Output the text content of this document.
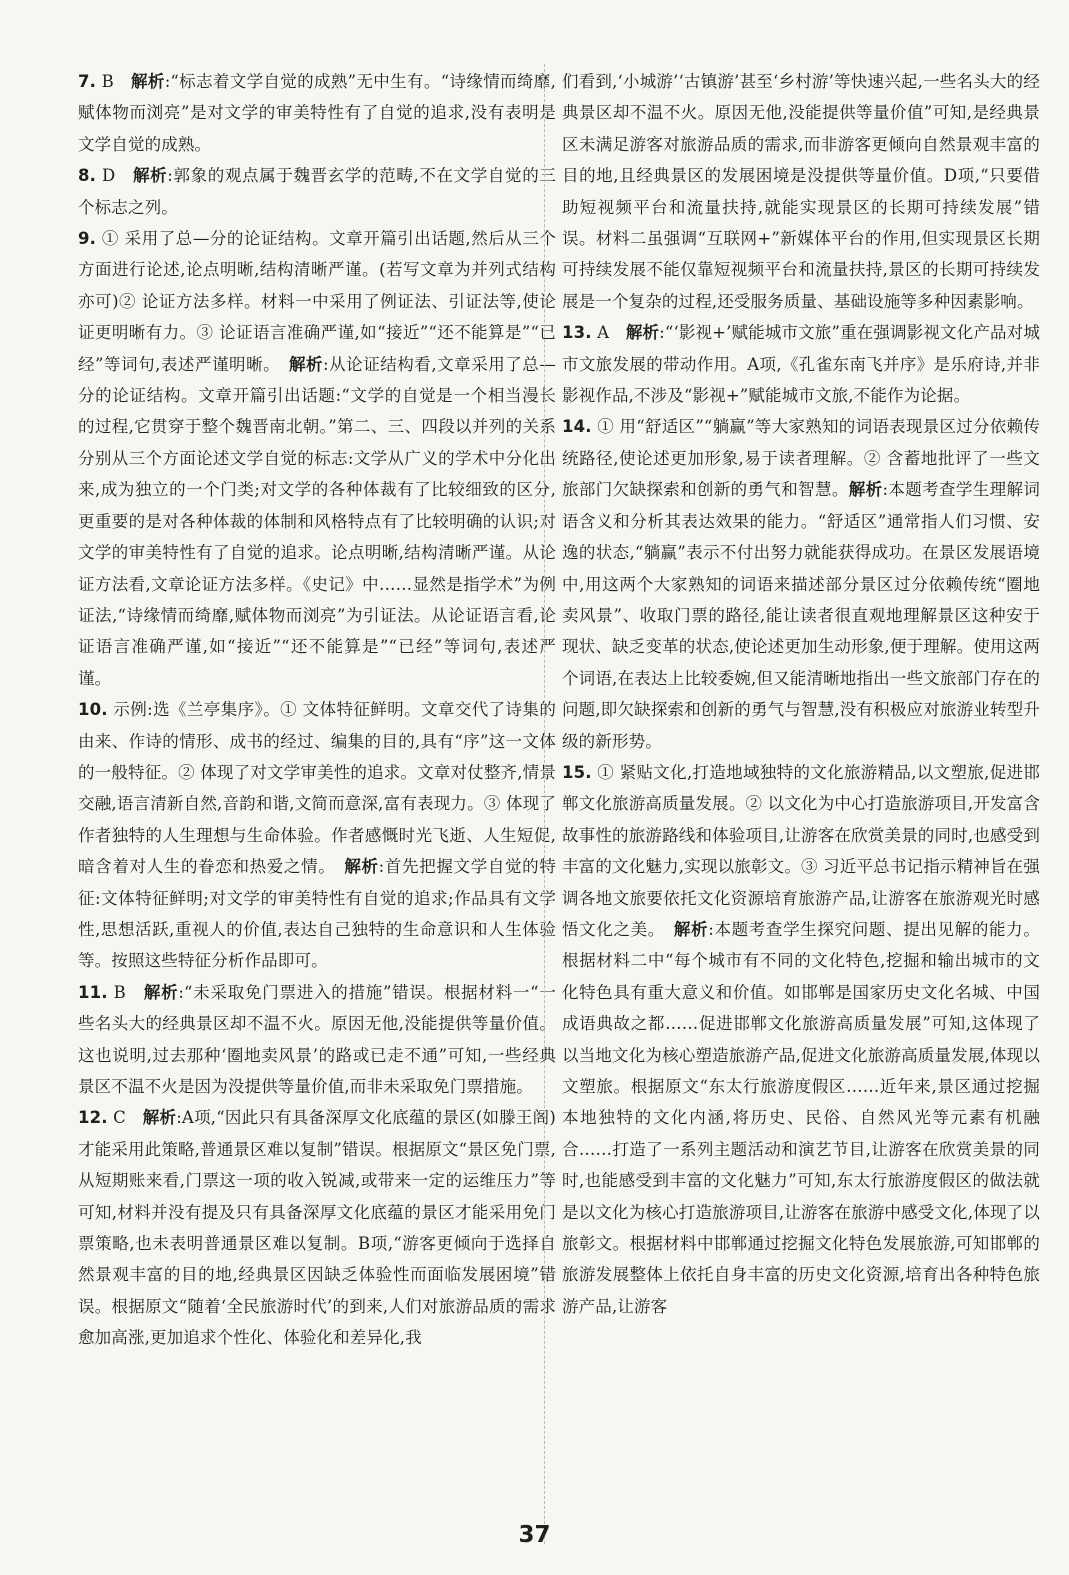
7. B　解析:“标志着文学自觉的成熟”无中生有。“诗缘情而绮靡,赋体物而浏亮”是对文学的审美特性有了自觉的追求,没有表明是文学自觉的成熟。

8. D　解析:郭象的观点属于魏晋玄学的范畴,不在文学自觉的三个标志之列。

9. ① 采用了总—分的论证结构。文章开篇引出话题,然后从三个方面进行论述,论点明晰,结构清晰严谨。(若写文章为并列式结构亦可)② 论证方法多样。材料一中采用了例证法、引证法等,使论证更明晰有力。③ 论证语言准确严谨,如“接近”“还不能算是”“已经”等词句,表述严谨明晰。　解析:从论证结构看,文章采用了总—分的论证结构。文章开篇引出话题:“文学的自觉是一个相当漫长的过程,它贯穿于整个魏晋南北朝。”第二、三、四段以并列的关系分别从三个方面论述文学自觉的标志:文学从广义的学术中分化出来,成为独立的一个门类;对文学的各种体裁有了比较细致的区分,更重要的是对各种体裁的体制和风格特点有了比较明确的认识;对文学的审美特性有了自觉的追求。论点明晰,结构清晰严谨。从论证方法看,文章论证方法多样。《史记》中……显然是指学术”为例证法,“诗缘情而绮靡,赋体物而浏亮”为引证法。从论证语言看,论证语言准确严谨,如“接近”“还不能算是”“已经”等词句,表述严谨。

10. 示例:选《兰亭集序》。① 文体特征鲜明。文章交代了诗集的由来、作诗的情形、成书的经过、编集的目的,具有“序”这一文体的一般特征。② 体现了对文学审美性的追求。文章对仗整齐,情景交融,语言清新自然,音韵和谐,文简而意深,富有表现力。③ 体现了作者独特的人生理想与生命体验。作者感慨时光飞逝、人生短促,暗含着对人生的眷恋和热爱之情。　解析:首先把握文学自觉的特征:文体特征鲜明;对文学的审美特性有自觉的追求;作品具有文学性,思想活跃,重视人的价值,表达自己独特的生命意识和人生体验等。按照这些特征分析作品即可。

11. B　解析:“未采取免门票进入的措施”错误。根据材料一“一些名头大的经典景区却不温不火。原因无他,没能提供等量价值。这也说明,过去那种‘圈地卖风景’的路或已走不通”可知,一些经典景区不温不火是因为没提供等量价值,而非未采取免门票措施。

12. C　解析:A项,“因此只有具备深厚文化底蕴的景区(如滕王阁)才能采用此策略,普通景区难以复制”错误。根据原文“景区免门票,从短期账来看,门票这一项的收入锐减,或带来一定的运维压力”等可知,材料并没有提及只有具备深厚文化底蕴的景区才能采用免门票策略,也未表明普通景区难以复制。B项,“游客更倾向于选择自然景观丰富的目的地,经典景区因缺乏体验性而面临发展困境”错误。根据原文“随着‘全民旅游时代’的到来,人们对旅游品质的需求愈加高涨,更加追求个性化、体验化和差异化,我

们看到,‘小城游’‘古镇游’甚至‘乡村游’等快速兴起,一些名头大的经典景区却不温不火。原因无他,没能提供等量价值”可知,是经典景区未满足游客对旅游品质的需求,而非游客更倾向自然景观丰富的目的地,且经典景区的发展困境是没提供等量价值。D项,“只要借助短视频平台和流量扶持,就能实现景区的长期可持续发展”错误。材料二虽强调“互联网+”新媒体平台的作用,但实现景区长期可持续发展不能仅靠短视频平台和流量扶持,景区的长期可持续发展是一个复杂的过程,还受服务质量、基础设施等多种因素影响。

13. A　解析:“‘影视+’赋能城市文旅”重在强调影视文化产品对城市文旅发展的带动作用。A项,《孔雀东南飞并序》是乐府诗,并非影视作品,不涉及“影视+”赋能城市文旅,不能作为论据。

14. ① 用“舒适区”“躺赢”等大家熟知的词语表现景区过分依赖传统路径,使论述更加形象,易于读者理解。② 含蓄地批评了一些文旅部门欠缺探索和创新的勇气和智慧。解析:本题考查学生理解词语含义和分析其表达效果的能力。“舒适区”通常指人们习惯、安逸的状态,“躺赢”表示不付出努力就能获得成功。在景区发展语境中,用这两个大家熟知的词语来描述部分景区过分依赖传统“圈地卖风景”、收取门票的路径,能让读者很直观地理解景区这种安于现状、缺乏变革的状态,使论述更加生动形象,便于理解。使用这两个词语,在表达上比较委婉,但又能清晰地指出一些文旅部门存在的问题,即欠缺探索和创新的勇气与智慧,没有积极应对旅游业转型升级的新形势。

15. ① 紧贴文化,打造地域独特的文化旅游精品,以文塑旅,促进邯郸文化旅游高质量发展。② 以文化为中心打造旅游项目,开发富含故事性的旅游路线和体验项目,让游客在欣赏美景的同时,也感受到丰富的文化魅力,实现以旅彰文。③ 习近平总书记指示精神旨在强调各地文旅要依托文化资源培育旅游产品,让游客在旅游观光时感悟文化之美。　解析:本题考查学生探究问题、提出见解的能力。根据材料二中“每个城市有不同的文化特色,挖掘和输出城市的文化特色具有重大意义和价值。如邯郸是国家历史文化名城、中国成语典故之都……促进邯郸文化旅游高质量发展”可知,这体现了以当地文化为核心塑造旅游产品,促进文化旅游高质量发展,体现以文塑旅。根据原文“东太行旅游度假区……近年来,景区通过挖掘本地独特的文化内涵,将历史、民俗、自然风光等元素有机融合……打造了一系列主题活动和演艺节目,让游客在欣赏美景的同时,也能感受到丰富的文化魅力”可知,东太行旅游度假区的做法就是以文化为核心打造旅游项目,让游客在旅游中感受文化,体现了以旅彰文。根据材料中邯郸通过挖掘文化特色发展旅游,可知邯郸的旅游发展整体上依托自身丰富的历史文化资源,培育出各种特色旅游产品,让游客

37
